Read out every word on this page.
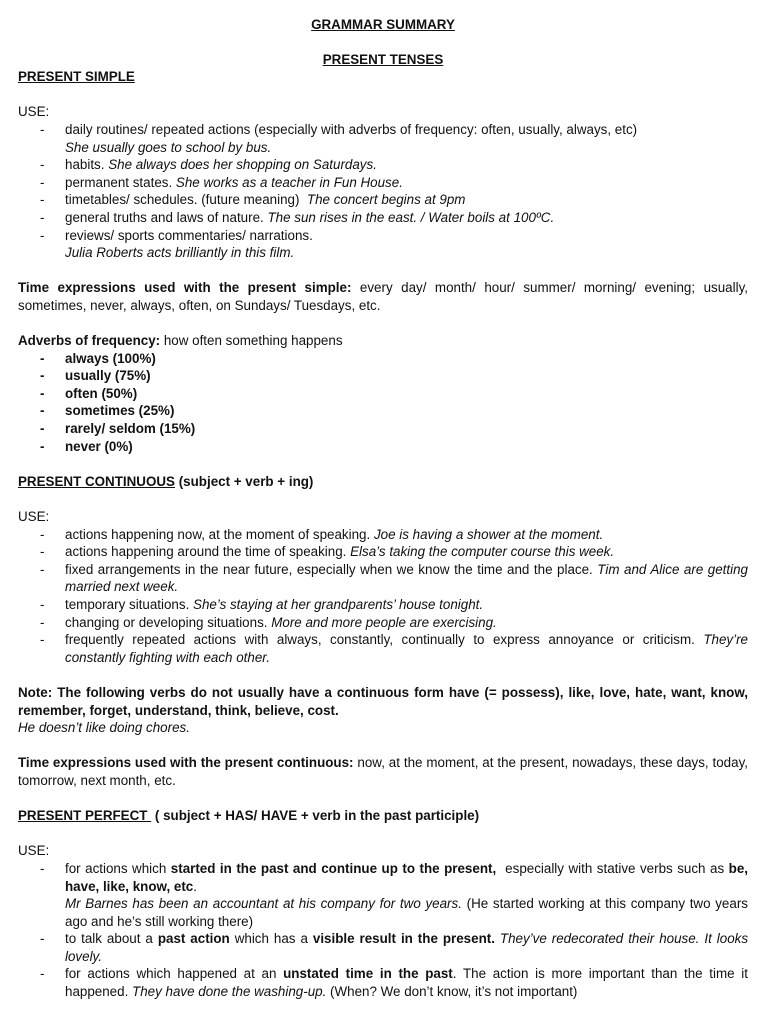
GRAMMAR SUMMARY
PRESENT TENSES
PRESENT SIMPLE
USE:
- daily routines/ repeated actions (especially with adverbs of frequency: often, usually, always, etc)
She usually goes to school by bus.
- habits. She always does her shopping on Saturdays.
- permanent states. She works as a teacher in Fun House.
- timetables/ schedules. (future meaning)  The concert begins at 9pm
- general truths and laws of nature. The sun rises in the east. / Water boils at 100ºC.
- reviews/ sports commentaries/ narrations.
Julia Roberts acts brilliantly in this film.
Time expressions used with the present simple: every day/ month/ hour/ summer/ morning/ evening; usually, sometimes, never, always, often, on Sundays/ Tuesdays, etc.
Adverbs of frequency: how often something happens
- always (100%)
- usually (75%)
- often (50%)
- sometimes (25%)
- rarely/ seldom (15%)
- never (0%)
PRESENT CONTINUOUS (subject + verb + ing)
USE:
- actions happening now, at the moment of speaking. Joe is having a shower at the moment.
- actions happening around the time of speaking. Elsa’s taking the computer course this week.
- fixed arrangements in the near future, especially when we know the time and the place. Tim and Alice are getting married next week.
- temporary situations. She’s staying at her grandparents’ house tonight.
- changing or developing situations. More and more people are exercising.
- frequently repeated actions with always, constantly, continually to express annoyance or criticism. They’re constantly fighting with each other.
Note: The following verbs do not usually have a continuous form have (= possess), like, love, hate, want, know, remember, forget, understand, think, believe, cost.
He doesn’t like doing chores.
Time expressions used with the present continuous: now, at the moment, at the present, nowadays, these days, today, tomorrow, next month, etc.
PRESENT PERFECT  ( subject + HAS/ HAVE + verb in the past participle)
USE:
- for actions which started in the past and continue up to the present,  especially with stative verbs such as be, have, like, know, etc.
Mr Barnes has been an accountant at his company for two years. (He started working at this company two years ago and he’s still working there)
- to talk about a past action which has a visible result in the present. They’ve redecorated their house. It looks lovely.
- for actions which happened at an unstated time in the past. The action is more important than the time it happened. They have done the washing-up. (When? We don’t know, it’s not important)
